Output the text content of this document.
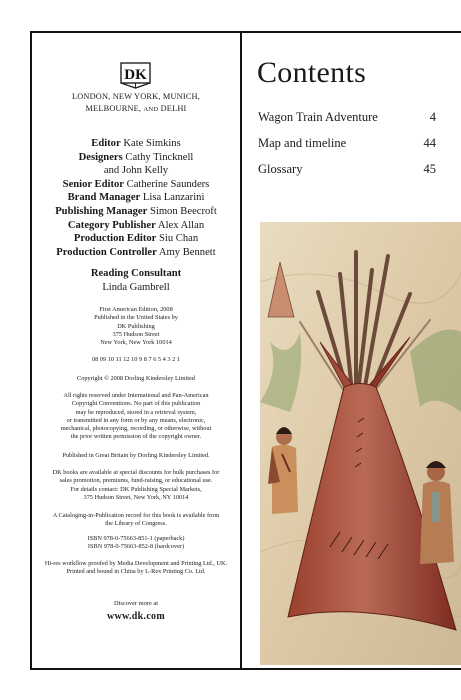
DK
LONDON, NEW YORK, MUNICH,
MELBOURNE, AND DELHI
Editor Kate Simkins
Designers Cathy Tincknell
and John Kelly
Senior Editor Catherine Saunders
Brand Manager Lisa Lanzarini
Publishing Manager Simon Beecroft
Category Publisher Alex Allan
Production Editor Siu Chan
Production Controller Amy Bennett
Reading Consultant
Linda Gambrell

First American Edition, 2008

Published in the United States by

DK Publishing

375 Hudson Street

New York, New York 10014

08 09 10 11 12 10 9 8 7 6 5 4 3 2 1

Copyright © 2008 Dorling Kindersley Limited

All rights reserved under International and Pan-American

Copyright Conventions. No part of this publication

may be reproduced, stored in a retrieval system,

or transmitted in any form or by any means, electronic,

mechanical, photocopying, recording, or otherwise, without

the prior written permission of the copyright owner.

Published in Great Britain by Dorling Kindersley Limited.

DK books are available at special discounts for bulk purchases for

sales promotion, premiums, fund-raising, or educational use.

For details contact: DK Publishing Special Markets,

375 Hudson Street, New York, NY 10014

A Cataloging-in-Publication record for this book is available from

the Library of Congress.

ISBN 978-0-75663-851-1 (paperback)

ISBN 978-0-75663-852-8 (hardcover)

Hi-res workflow proofed by Media Development and Printing Ltd., UK.

Printed and bound in China by L-Rex Printing Co. Ltd.

Discover more at
www.dk.com
Contents
Wagon Train Adventure	4
Map and timeline	44
Glossary	45
